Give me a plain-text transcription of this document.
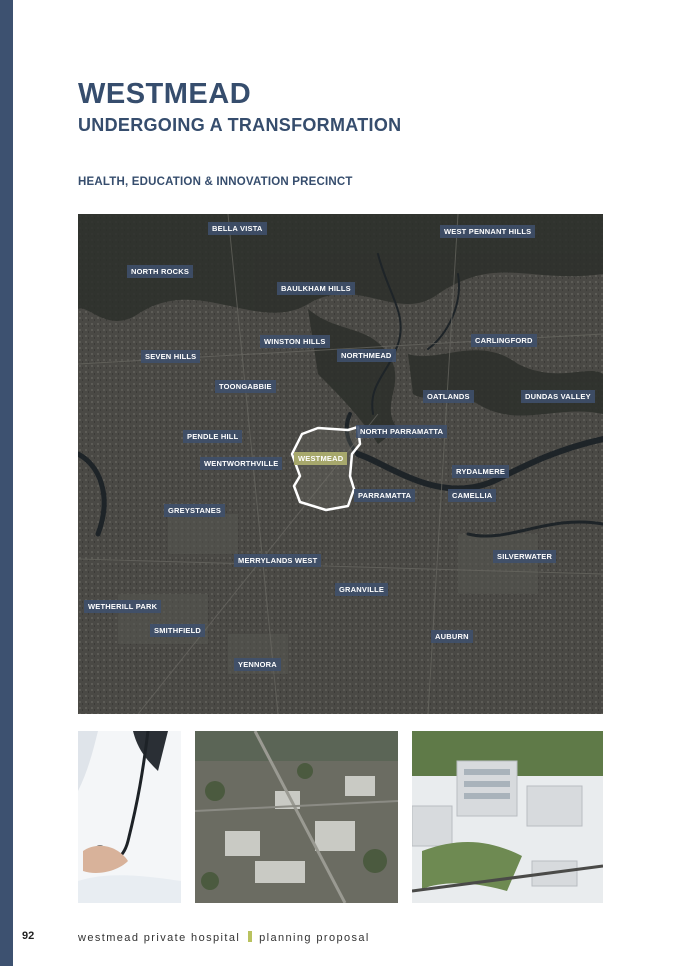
WESTMEAD
UNDERGOING A TRANSFORMATION
HEALTH, EDUCATION & INNOVATION PRECINCT
BELLA VISTA	WEST PENNANT HILLS
NORTH ROCKS
BAULKHAM HILLS
WINSTON HILLS	CARLINGFORD
SEVEN HILLS	NORTHMEAD
TOONGABBIE
OATLANDS	DUNDAS VALLEY
NORTH PARRAMATTA
PENDLE HILL
WESTMEAD
WENTWORTHVILLE
RYDALMERE
PARRAMATTA	CAMELLIA
GREYSTANES
SILVERWATER
MERRYLANDS WEST
GRANVILLE
WETHERILL PARK
SMITHFIELD
AUBURN
YENNORA
92	westmead private hospital planning proposal
